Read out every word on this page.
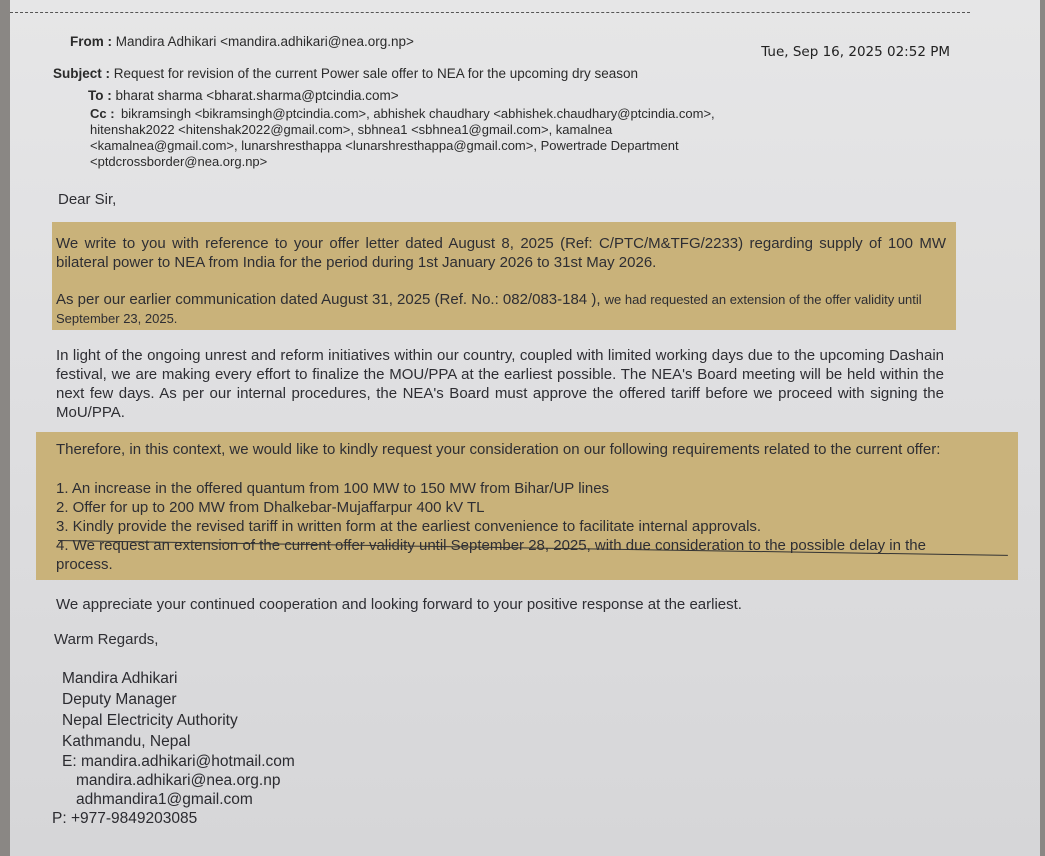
From : Mandira Adhikari <mandira.adhikari@nea.org.np>
Tue, Sep 16, 2025 02:52 PM
Subject : Request for revision of the current Power sale offer to NEA for the upcoming dry season
To : bharat sharma <bharat.sharma@ptcindia.com>
Cc : bikramsingh <bikramsingh@ptcindia.com>, abhishek chaudhary <abhishek.chaudhary@ptcindia.com>,
hitenshak2022 <hitenshak2022@gmail.com>, sbhnea1 <sbhnea1@gmail.com>, kamalnea
<kamalnea@gmail.com>, lunarshresthappa <lunarshresthappa@gmail.com>, Powertrade Department
<ptdcrossborder@nea.org.np>
Dear Sir,
We write to you with reference to your offer letter dated August 8, 2025 (Ref: C/PTC/M&TFG/2233) regarding supply of 100 MW bilateral power to NEA from India for the period during 1st January 2026 to 31st May 2026.
As per our earlier communication dated August 31, 2025 (Ref. No.: 082/083-184 ), we had requested an extension of the offer validity until September 23, 2025.
In light of the ongoing unrest and reform initiatives within our country, coupled with limited working days due to the upcoming Dashain festival, we are making every effort to finalize the MOU/PPA at the earliest possible. The NEA's Board meeting will be held within the next few days. As per our internal procedures, the NEA's Board must approve the offered tariff before we proceed with signing the MoU/PPA.
Therefore, in this context, we would like to kindly request your consideration on our following requirements related to the current offer:
1. An increase in the offered quantum from 100 MW to 150 MW from Bihar/UP lines
2. Offer for up to 200 MW from Dhalkebar-Mujaffarpur 400 kV TL
3. Kindly provide the revised tariff in written form at the earliest convenience to facilitate internal approvals.
4. We request an extension of the current offer validity until September 28, 2025, with due consideration to the possible delay in the process.
We appreciate your continued cooperation and looking forward to your positive response at the earliest.
Warm Regards,
Mandira Adhikari
Deputy Manager
Nepal Electricity Authority
Kathmandu, Nepal
E: mandira.adhikari@hotmail.com
mandira.adhikari@nea.org.np
adhmandira1@gmail.com
P: +977-9849203085
